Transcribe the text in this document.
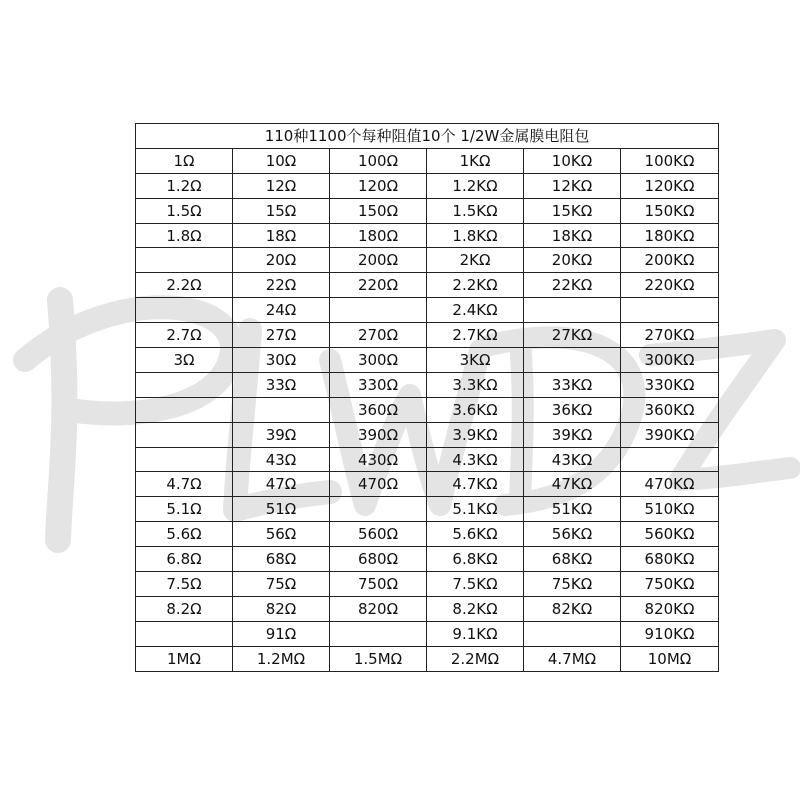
110种1100个每种阻值10个 1/2W金属膜电阻包					
1Ω	10Ω	100Ω	1KΩ	10KΩ	100KΩ
1.2Ω	12Ω	120Ω	1.2KΩ	12KΩ	120KΩ
1.5Ω	15Ω	150Ω	1.5KΩ	15KΩ	150KΩ
1.8Ω	18Ω	180Ω	1.8KΩ	18KΩ	180KΩ
	20Ω	200Ω	2KΩ	20KΩ	200KΩ
2.2Ω	22Ω	220Ω	2.2KΩ	22KΩ	220KΩ
	24Ω		2.4KΩ		
2.7Ω	27Ω	270Ω	2.7KΩ	27KΩ	270KΩ
3Ω	30Ω	300Ω	3KΩ		300KΩ
	33Ω	330Ω	3.3KΩ	33KΩ	330KΩ
		360Ω	3.6KΩ	36KΩ	360KΩ
	39Ω	390Ω	3.9KΩ	39KΩ	390KΩ
	43Ω	430Ω	4.3KΩ	43KΩ	
4.7Ω	47Ω	470Ω	4.7KΩ	47KΩ	470KΩ
5.1Ω	51Ω		5.1KΩ	51KΩ	510KΩ
5.6Ω	56Ω	560Ω	5.6KΩ	56KΩ	560KΩ
6.8Ω	68Ω	680Ω	6.8KΩ	68KΩ	680KΩ
7.5Ω	75Ω	750Ω	7.5KΩ	75KΩ	750KΩ
8.2Ω	82Ω	820Ω	8.2KΩ	82KΩ	820KΩ
	91Ω		9.1KΩ		910KΩ
1MΩ	1.2MΩ	1.5MΩ	2.2MΩ	4.7MΩ	10MΩ
